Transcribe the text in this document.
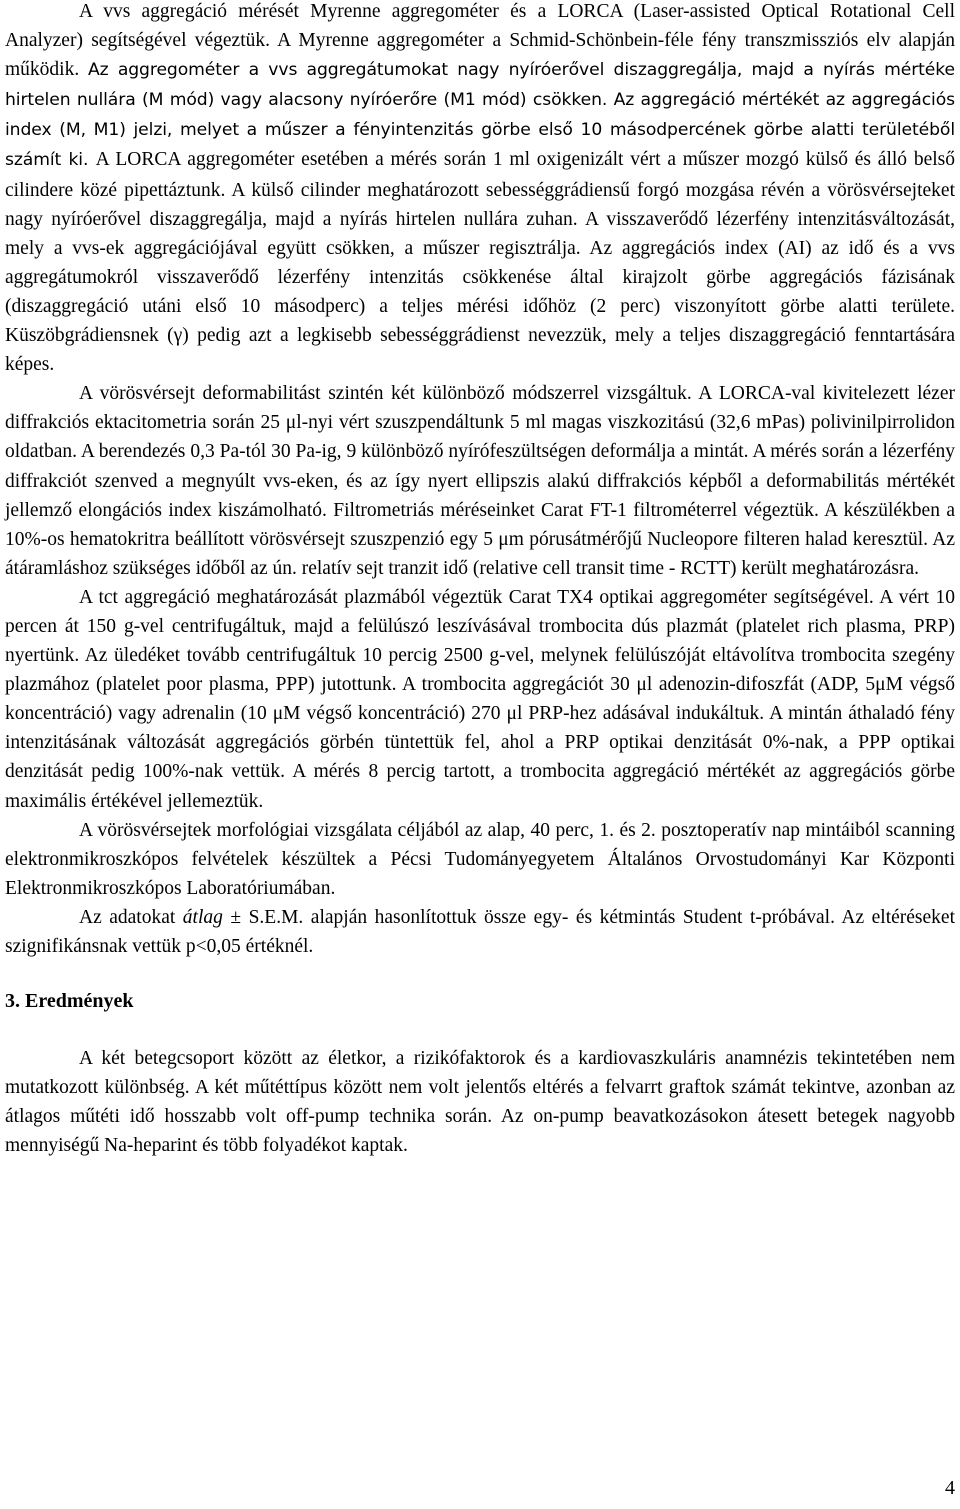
A vvs aggregáció mérését Myrenne aggregométer és a LORCA (Laser-assisted Optical Rotational Cell Analyzer) segítségével végeztük. A Myrenne aggregométer a Schmid-Schönbein-féle fény transzmissziós elv alapján működik. Az aggregométer a vvs aggregátumokat nagy nyíróerővel diszaggregálja, majd a nyírás mértéke hirtelen nullára (M mód) vagy alacsony nyíróerőre (M1 mód) csökken. Az aggregáció mértékét az aggregációs index (M, M1) jelzi, melyet a műszer a fényintenzitás görbe első 10 másodpercének görbe alatti területéből számít ki. A LORCA aggregométer esetében a mérés során 1 ml oxigenizált vért a műszer mozgó külső és álló belső cilindere közé pipettáztunk. A külső cilinder meghatározott sebességgrádiensű forgó mozgása révén a vörösvérsejteket nagy nyíróerővel diszaggregálja, majd a nyírás hirtelen nullára zuhan. A visszaverődő lézerfény intenzitásváltozását, mely a vvs-ek aggregációjával együtt csökken, a műszer regisztrálja. Az aggregációs index (AI) az idő és a vvs aggregátumokról visszaverődő lézerfény intenzitás csökkenése által kirajzolt görbe aggregációs fázisának (diszaggregáció utáni első 10 másodperc) a teljes mérési időhöz (2 perc) viszonyított görbe alatti területe. Küszöbgrádiensnek (γ) pedig azt a legkisebb sebességgrádienst nevezzük, mely a teljes diszaggregáció fenntartására képes.

A vörösvérsejt deformabilitást szintén két különböző módszerrel vizsgáltuk. A LORCA-val kivitelezett lézer diffrakciós ektacitometria során 25 μl-nyi vért szuszpendáltunk 5 ml magas viszkozitású (32,6 mPas) polivinilpirrolidon oldatban. A berendezés 0,3 Pa-tól 30 Pa-ig, 9 különböző nyírófeszültségen deformálja a mintát. A mérés során a lézerfény diffrakciót szenved a megnyúlt vvs-eken, és az így nyert ellipszis alakú diffrakciós képből a deformabilitás mértékét jellemző elongációs index kiszámolható. Filtrometriás méréseinket Carat FT-1 filtrométerrel végeztük. A készülékben a 10%-os hematokritra beállított vörösvérsejt szuszpenzió egy 5 μm pórusátmérőjű Nucleopore filteren halad keresztül. Az átáramláshoz szükséges időből az ún. relatív sejt tranzit idő (relative cell transit time - RCTT) került meghatározásra.

A tct aggregáció meghatározását plazmából végeztük Carat TX4 optikai aggregométer segítségével. A vért 10 percen át 150 g-vel centrifugáltuk, majd a felülúszó leszívásával trombocita dús plazmát (platelet rich plasma, PRP) nyertünk. Az üledéket tovább centrifugáltuk 10 percig 2500 g-vel, melynek felülúszóját eltávolítva trombocita szegény plazmához (platelet poor plasma, PPP) jutottunk. A trombocita aggregációt 30 μl adenozin-difoszfát (ADP, 5μM végső koncentráció) vagy adrenalin (10 μM végső koncentráció) 270 μl PRP-hez adásával indukáltuk. A mintán áthaladó fény intenzitásának változását aggregációs görbén tüntettük fel, ahol a PRP optikai denzitását 0%-nak, a PPP optikai denzitását pedig 100%-nak vettük. A mérés 8 percig tartott, a trombocita aggregáció mértékét az aggregációs görbe maximális értékével jellemeztük.

A vörösvérsejtek morfológiai vizsgálata céljából az alap, 40 perc, 1. és 2. posztoperatív nap mintáiból scanning elektronmikroszkópos felvételek készültek a Pécsi Tudományegyetem Általános Orvostudományi Kar Központi Elektronmikroszkópos Laboratóriumában.

Az adatokat átlag ± S.E.M. alapján hasonlítottuk össze egy- és kétmintás Student t-próbával. Az eltéréseket szignifikánsnak vettük p<0,05 értéknél.

3. Eredmények

A két betegcsoport között az életkor, a rizikófaktorok és a kardiovaszkuláris anamnézis tekintetében nem mutatkozott különbség. A két műtéttípus között nem volt jelentős eltérés a felvarrt graftok számát tekintve, azonban az átlagos műtéti idő hosszabb volt off-pump technika során. Az on-pump beavatkozásokon átesett betegek nagyobb mennyiségű Na-heparint és több folyadékot kaptak.

4
